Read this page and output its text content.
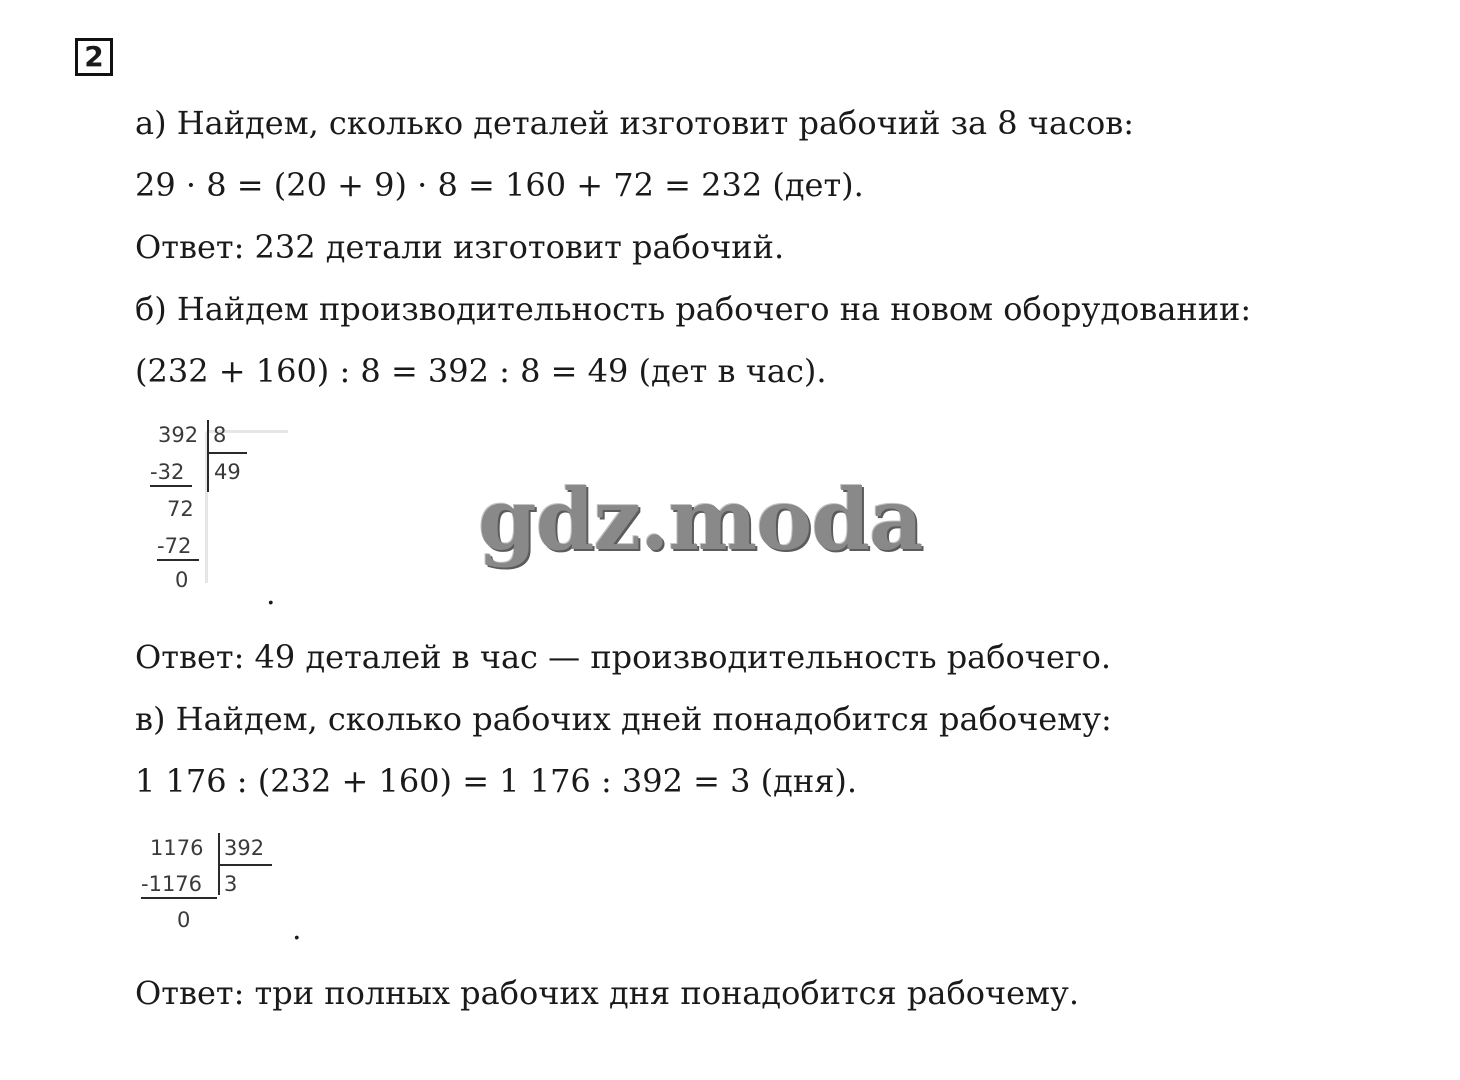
2
а) Найдем, сколько деталей изготовит рабочий за 8 часов:
29 · 8 = (20 + 9) · 8 = 160 + 72 = 232 (дет).
Ответ: 232 детали изготовит рабочий.
б) Найдем производительность рабочего на новом оборудовании:
(232 + 160) : 8 = 392 : 8 = 49 (дет в час).
392 8
-32 49
72
-72
0	.
gdz.moda
Ответ: 49 деталей в час — производительность рабочего.
в) Найдем, сколько рабочих дней понадобится рабочему:
1 176 : (232 + 160) = 1 176 : 392 = 3 (дня).
1176 392
-1176 3
0	.
Ответ: три полных рабочих дня понадобится рабочему.
